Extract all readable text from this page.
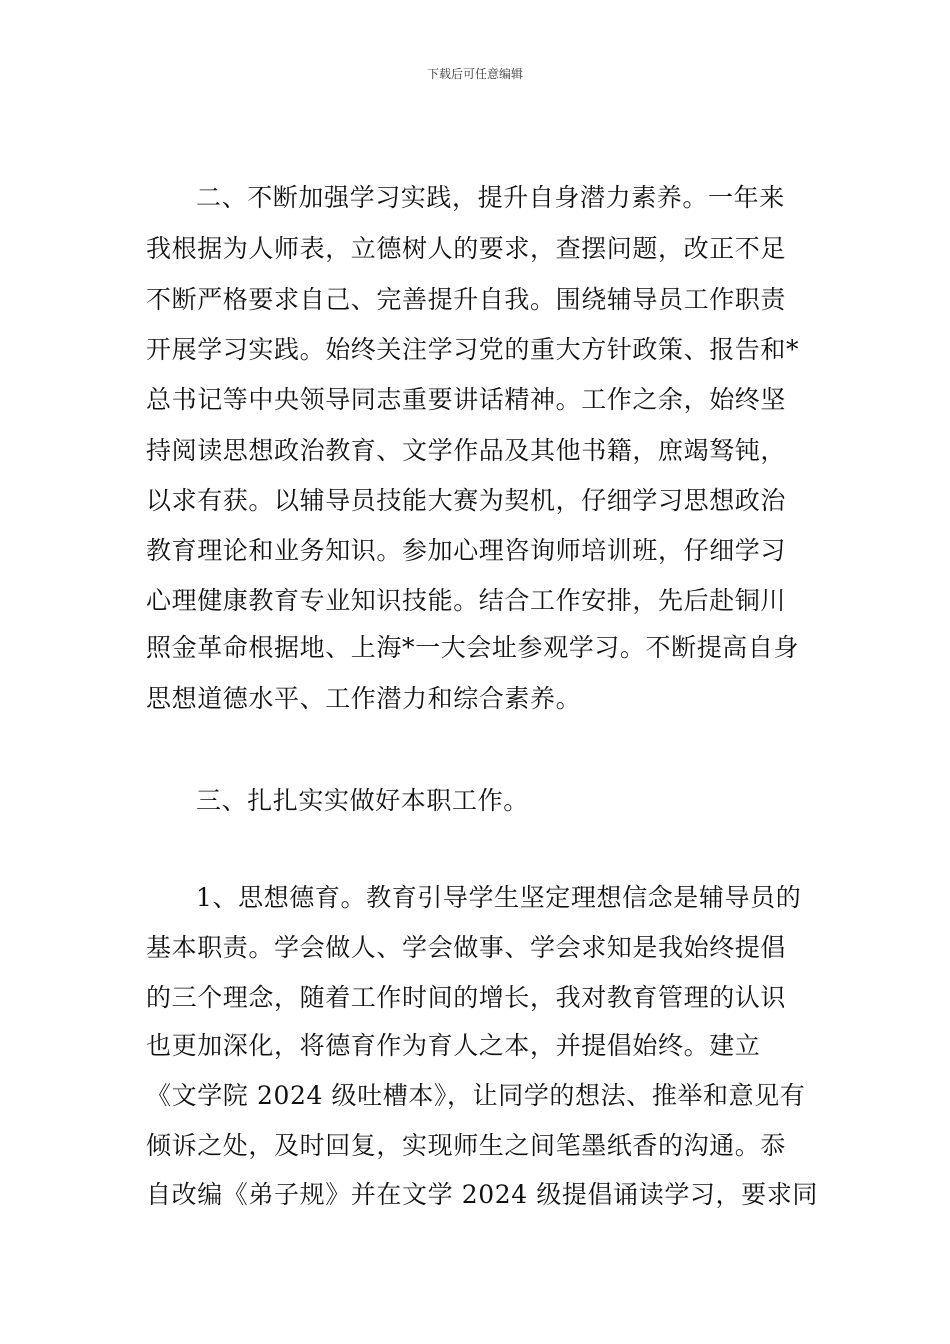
下载后可任意编辑
二、不断加强学习实践，提升自身潜力素养。一年来
我根据为人师表，立德树人的要求，查摆问题，改正不足
不断严格要求自己、完善提升自我。围绕辅导员工作职责
开展学习实践。始终关注学习党的重大方针政策、报告和*
总书记等中央领导同志重要讲话精神。工作之余，始终坚
持阅读思想政治教育、文学作品及其他书籍，庶竭驽钝，
以求有获。以辅导员技能大赛为契机，仔细学习思想政治
教育理论和业务知识。参加心理咨询师培训班，仔细学习
心理健康教育专业知识技能。结合工作安排，先后赴铜川
照金革命根据地、上海*一大会址参观学习。不断提高自身
思想道德水平、工作潜力和综合素养。
三、扎扎实实做好本职工作。
1、思想德育。教育引导学生坚定理想信念是辅导员的
基本职责。学会做人、学会做事、学会求知是我始终提倡
的三个理念，随着工作时间的增长，我对教育管理的认识
也更加深化，将德育作为育人之本，并提倡始终。建立
《文学院 2024 级吐槽本》，让同学的想法、推举和意见有
倾诉之处，及时回复，实现师生之间笔墨纸香的沟通。忝
自改编《弟子规》并在文学 2024 级提倡诵读学习，要求同
